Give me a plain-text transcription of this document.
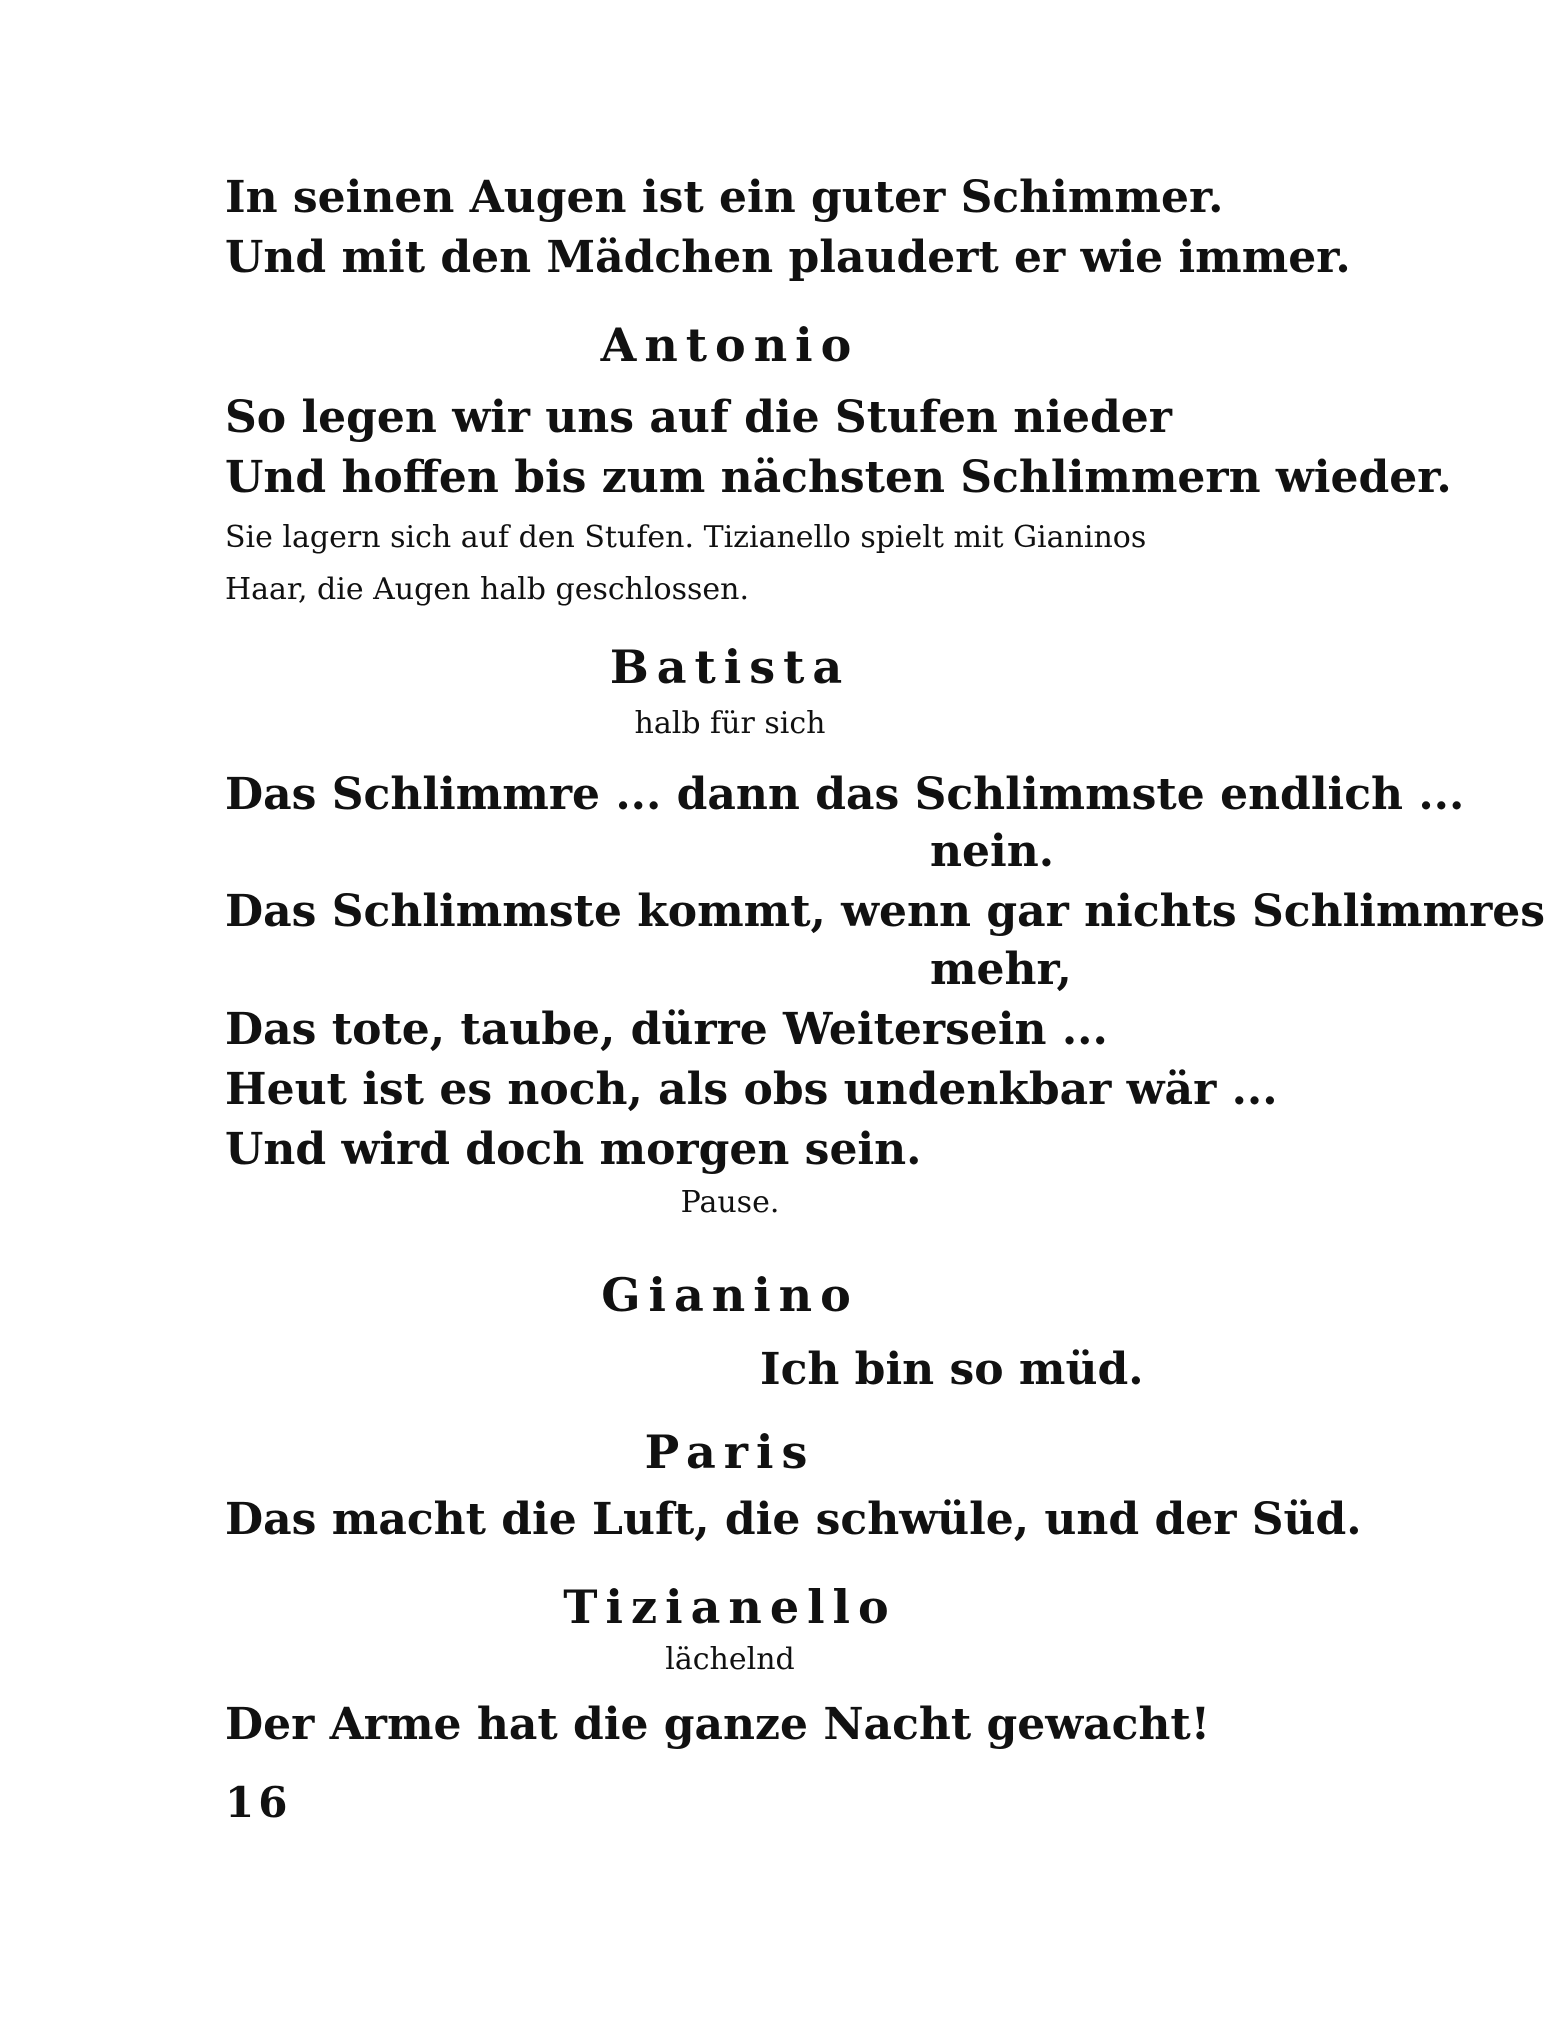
In seinen Augen ist ein guter Schimmer.

Und mit den Mädchen plaudert er wie immer.

Antonio

So legen wir uns auf die Stufen nieder

Und hoffen bis zum nächsten Schlimmern wieder.

Sie lagern sich auf den Stufen. Tizianello spielt mit Gianinos

Haar, die Augen halb geschlossen.

Batista

halb für sich

Das Schlimmre ... dann das Schlimmste endlich ...

nein.

Das Schlimmste kommt, wenn gar nichts Schlimmres

mehr,

Das tote, taube, dürre Weitersein ...

Heut ist es noch, als obs undenkbar wär ...

Und wird doch morgen sein.

Pause.

Gianino

Ich bin so müd.

Paris

Das macht die Luft, die schwüle, und der Süd.

Tizianello

lächelnd

Der Arme hat die ganze Nacht gewacht!

16
